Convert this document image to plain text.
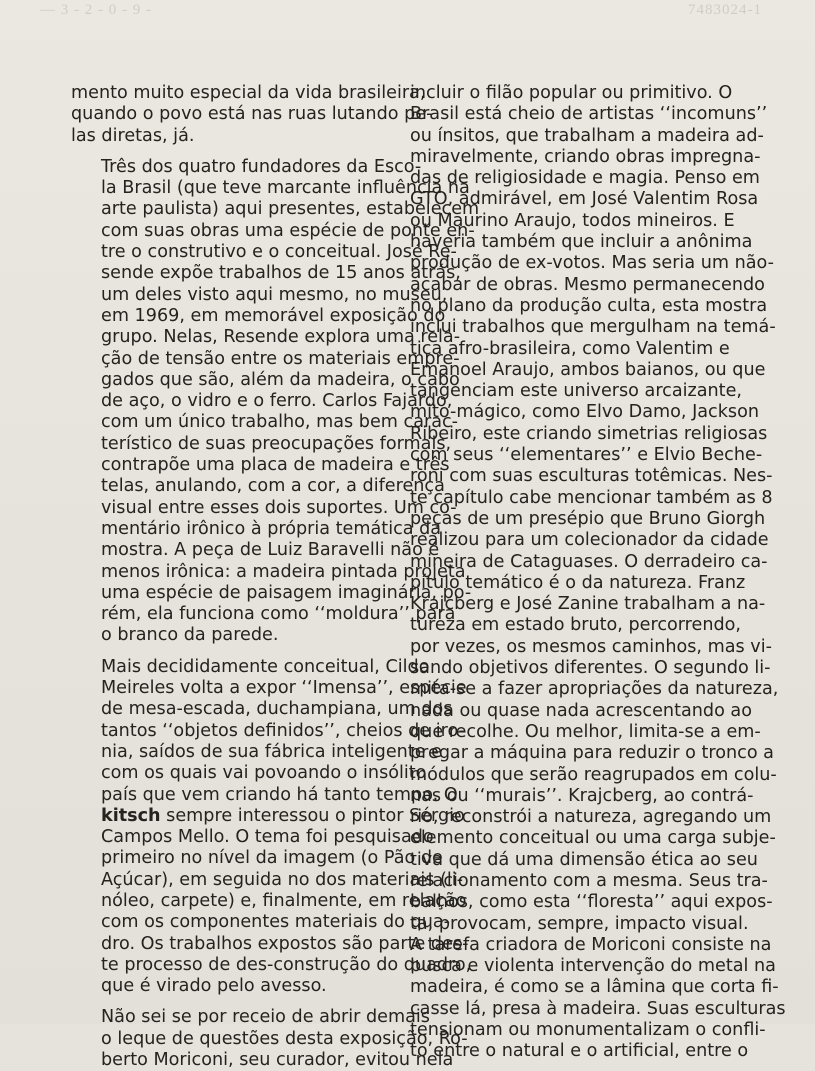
— 3 - 2 - 0 - 9 -	7483024-1

mento muito especial da vida brasileira,
quando o povo está nas ruas lutando pe-
las diretas, já.

Três dos quatro fundadores da Esco-
la Brasil (que teve marcante influência na
arte paulista) aqui presentes, estabelecem
com suas obras uma espécie de ponte en-
tre o construtivo e o conceitual. José Re-
sende expõe trabalhos de 15 anos atrás,
um deles visto aqui mesmo, no museu,
em 1969, em memorável exposição do
grupo. Nelas, Resende explora uma rela-
ção de tensão entre os materiais empre-
gados que são, além da madeira, o cabo
de aço, o vidro e o ferro. Carlos Fajardo,
com um único trabalho, mas bem carac-
terístico de suas preocupações formais,
contrapõe uma placa de madeira e três
telas, anulando, com a cor, a diferença
visual entre esses dois suportes. Um co-
mentário irônico à própria temática da
mostra. A peça de Luiz Baravelli não é
menos irônica: a madeira pintada projeta
uma espécie de paisagem imaginária, po-
rém, ela funciona como ‘‘moldura’’ para
o branco da parede.

Mais decididamente conceitual, Cildo
Meireles volta a expor ‘‘Imensa’’, espécie
de mesa-escada, duchampiana, um dos
tantos ‘‘objetos definidos’’, cheios de iro-
nia, saídos de sua fábrica inteligente e
com os quais vai povoando o insólito
país que vem criando há tanto tempo. O
kitsch sempre interessou o pintor Sérgio
Campos Mello. O tema foi pesquisado
primeiro no nível da imagem (o Pão de
Açúcar), em seguida no dos materiais (li-
nóleo, carpete) e, finalmente, em relação
com os componentes materiais do qua-
dro. Os trabalhos expostos são parte des-
te processo de des-construção do quadro,
que é virado pelo avesso.

Não sei se por receio de abrir demais
o leque de questões desta exposição, Ro-
berto Moriconi, seu curador, evitou nela

incluir o filão popular ou primitivo. O
Brasil está cheio de artistas ‘‘incomuns’’
ou ínsitos, que trabalham a madeira ad-
miravelmente, criando obras impregna-
das de religiosidade e magia. Penso em
GTO, admirável, em José Valentim Rosa
ou Maurino Araujo, todos mineiros. E
haveria também que incluir a anônima
produção de ex-votos. Mas seria um não-
acabar de obras. Mesmo permanecendo
no plano da produção culta, esta mostra
inclui trabalhos que mergulham na temá-
tica afro-brasileira, como Valentim e
Emanoel Araujo, ambos baianos, ou que
tangenciam este universo arcaizante,
mito-mágico, como Elvo Damo, Jackson
Ribeiro, este criando simetrias religiosas
com seus ‘‘elementares’’ e Elvio Beche-
roni com suas esculturas totêmicas. Nes-
te capítulo cabe mencionar também as 8
peças de um presépio que Bruno Giorgh
realizou para um colecionador da cidade
mineira de Cataguases. O derradeiro ca-
pítulo temático é o da natureza. Franz
Krajcberg e José Zanine trabalham a na-
tureza em estado bruto, percorrendo,
por vezes, os mesmos caminhos, mas vi-
sando objetivos diferentes. O segundo li-
mita-se a fazer apropriações da natureza,
nada ou quase nada acrescentando ao
que recolhe. Ou melhor, limita-se a em-
pregar a máquina para reduzir o tronco a
módulos que serão reagrupados em colu-
nas ou ‘‘murais’’. Krajcberg, ao contrá-
rio, reconstrói a natureza, agregando um
elemento conceitual ou uma carga subje-
tiva que dá uma dimensão ética ao seu
relacionamento com a mesma. Seus tra-
balhos, como esta ‘‘floresta’’ aqui expos-
ta, provocam, sempre, impacto visual.
A tarefa criadora de Moriconi consiste na
busca e violenta intervenção do metal na
madeira, é como se a lâmina que corta fi-
casse lá, presa à madeira. Suas esculturas
tensionam ou monumentalizam o confli-
to entre o natural e o artificial, entre o
